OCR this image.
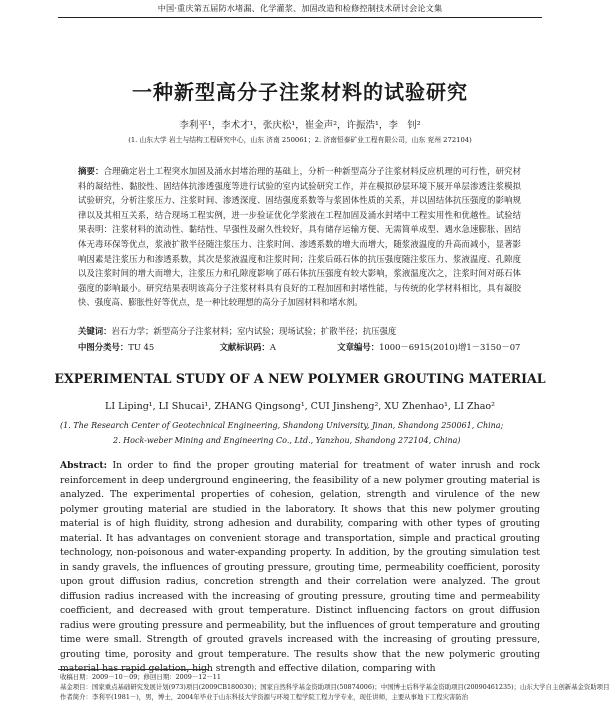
中国·重庆第五届防水堵漏、化学灌浆、加固改造和检修控制技术研讨会论文集
一种新型高分子注浆材料的试验研究
李利平¹，李术才¹，张庆松¹，崔金声²，许振浩¹，李　钊²
(1. 山东大学 岩土与结构工程研究中心，山东 济南 250061；2. 济南恒泰矿业工程有限公司，山东 兖州 272104)
摘要：合理确定岩土工程突水加固及涌水封堵治理的基础上，分析一种新型高分子注浆材料反应机理的可行性，研究材料的凝结性、黏胶性、固结体抗渗透强度等进行试验的室内试验研究工作，并在模拟砂层环境下展开单层渗透注浆模拟试验研究，分析注浆压力、注浆时间、渗透深度、固结强度系数等与浆固体性质的关系，并以固结体抗压强度的影响规律以及其相互关系，结合现场工程实例，进一步验证优化学浆液在工程加固及涌水封堵中工程实用性和优越性。试验结果表明：注浆材料的流动性、黏结性、早强性及耐久性较好，具有储存运输方便、无需简单成型、遇水急速膨胀、固结体无毒环保等优点，浆液扩散半径随注浆压力、注浆时间、渗透系数的增大而增大，随浆液温度的升高而减小，显著影响因素是注浆压力和渗透系数，其次是浆液温度和注浆时间；注浆后砾石体的抗压强度随注浆压力、浆液温度、孔隙度以及注浆时间的增大而增大，注浆压力和孔隙度影响了砾石体抗压强度有较大影响，浆液温度次之，注浆时间对砾石体强度的影响最小。研究结果表明该高分子注浆材料具有良好的工程加固和封堵性能，与传统的化学材料相比，具有凝胶快、强度高、膨胀性好等优点，是一种比较理想的高分子加固材料和堵水剂。
关键词：岩石力学；新型高分子注浆材料；室内试验；现场试验；扩散半径；抗压强度
中图分类号：TU 45	文献标识码：A	文章编号：1000－6915(2010)增1－3150－07
EXPERIMENTAL STUDY OF A NEW POLYMER GROUTING MATERIAL
LI Liping¹, LI Shucai¹, ZHANG Qingsong¹, CUI Jinsheng², XU Zhenhao¹, LI Zhao²
(1. The Research Center of Geotechnical Engineering, Shandong University, Jinan, Shandong 250061, China;
2. Hock-weber Mining and Engineering Co., Ltd., Yanzhou, Shandong 272104, China)
Abstract: In order to find the proper grouting material for treatment of water inrush and rock reinforcement in deep underground engineering, the feasibility of a new polymer grouting material is analyzed. The experimental properties of cohesion, gelation, strength and virulence of the new polymer grouting material are studied in the laboratory. It shows that this new polymer grouting material is of high fluidity, strong adhesion and durability, comparing with other types of grouting material. It has advantages on convenient storage and transportation, simple and practical grouting technology, non-poisonous and water-expanding property. In addition, by the grouting simulation test in sandy gravels, the influences of grouting pressure, grouting time, permeability coefficient, porosity upon grout diffusion radius, concretion strength and their correlation were analyzed. The grout diffusion radius increased with the increasing of grouting pressure, grouting time and permeability coefficient, and decreased with grout temperature. Distinct influencing factors on grout diffusion radius were grouting pressure and permeability, but the influences of grout temperature and grouting time were small. Strength of grouted gravels increased with the increasing of grouting pressure, grouting time, porosity and grout temperature. The results show that the new polymeric grouting material has rapid gelation, high strength and effective dilation, comparing with
收稿日期：2009－10－09；修回日期：2009－12－11
基金项目：国家重点基础研究发展计划(973)项目(2009CB180030)；国家自然科学基金资助项目(50874006)；中国博士后科学基金资助项目(20090461235)；山东大学自主创新基金资助项目
作者简介：李利平(1981－)，男，博士，2004年毕业于山东科技大学资源与环境工程学院工程力学专业，现任讲师，主要从事地下工程灾害防治
